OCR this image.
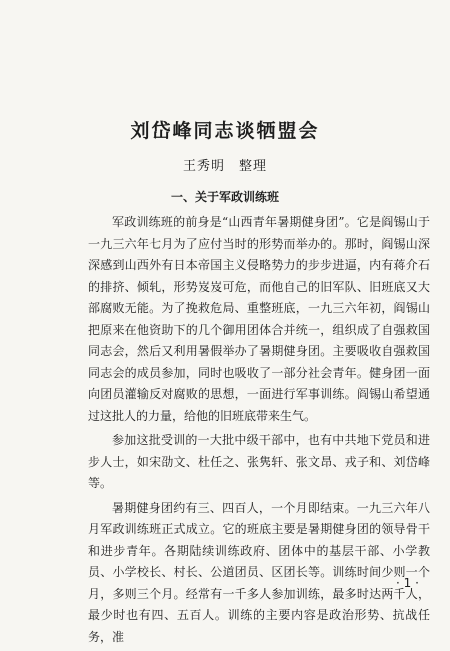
刘岱峰同志谈牺盟会
王秀明　整理
一、关于军政训练班

军政训练班的前身是“山西青年暑期健身团”。它是阎锡山于一九三六年七月为了应付当时的形势而举办的。那时，阎锡山深深感到山西外有日本帝国主义侵略势力的步步进逼，内有蒋介石的排挤、倾轧，形势岌岌可危，而他自己的旧军队、旧班底又大部腐败无能。为了挽救危局、重整班底，一九三六年初，阎锡山把原来在他资助下的几个御用团体合并统一，组织成了自强救国同志会，然后又利用暑假举办了暑期健身团。主要吸收自强救国同志会的成员参加，同时也吸收了一部分社会青年。健身团一面向团员灌输反对腐败的思想，一面进行军事训练。阎锡山希望通过这批人的力量，给他的旧班底带来生气。

参加这批受训的一大批中级干部中，也有中共地下党员和进步人士，如宋劭文、杜任之、张隽轩、张文昂、戎子和、刘岱峰等。

暑期健身团约有三、四百人，一个月即结束。一九三六年八月军政训练班正式成立。它的班底主要是暑期健身团的领导骨干和进步青年。各期陆续训练政府、团体中的基层干部、小学教员、小学校长、村长、公道团员、区团长等。训练时间少则一个月，多则三个月。经常有一千多人参加训练，最多时达两千人，最少时也有四、五百人。训练的主要内容是政治形势、抗战任务，准

· 1 ·
